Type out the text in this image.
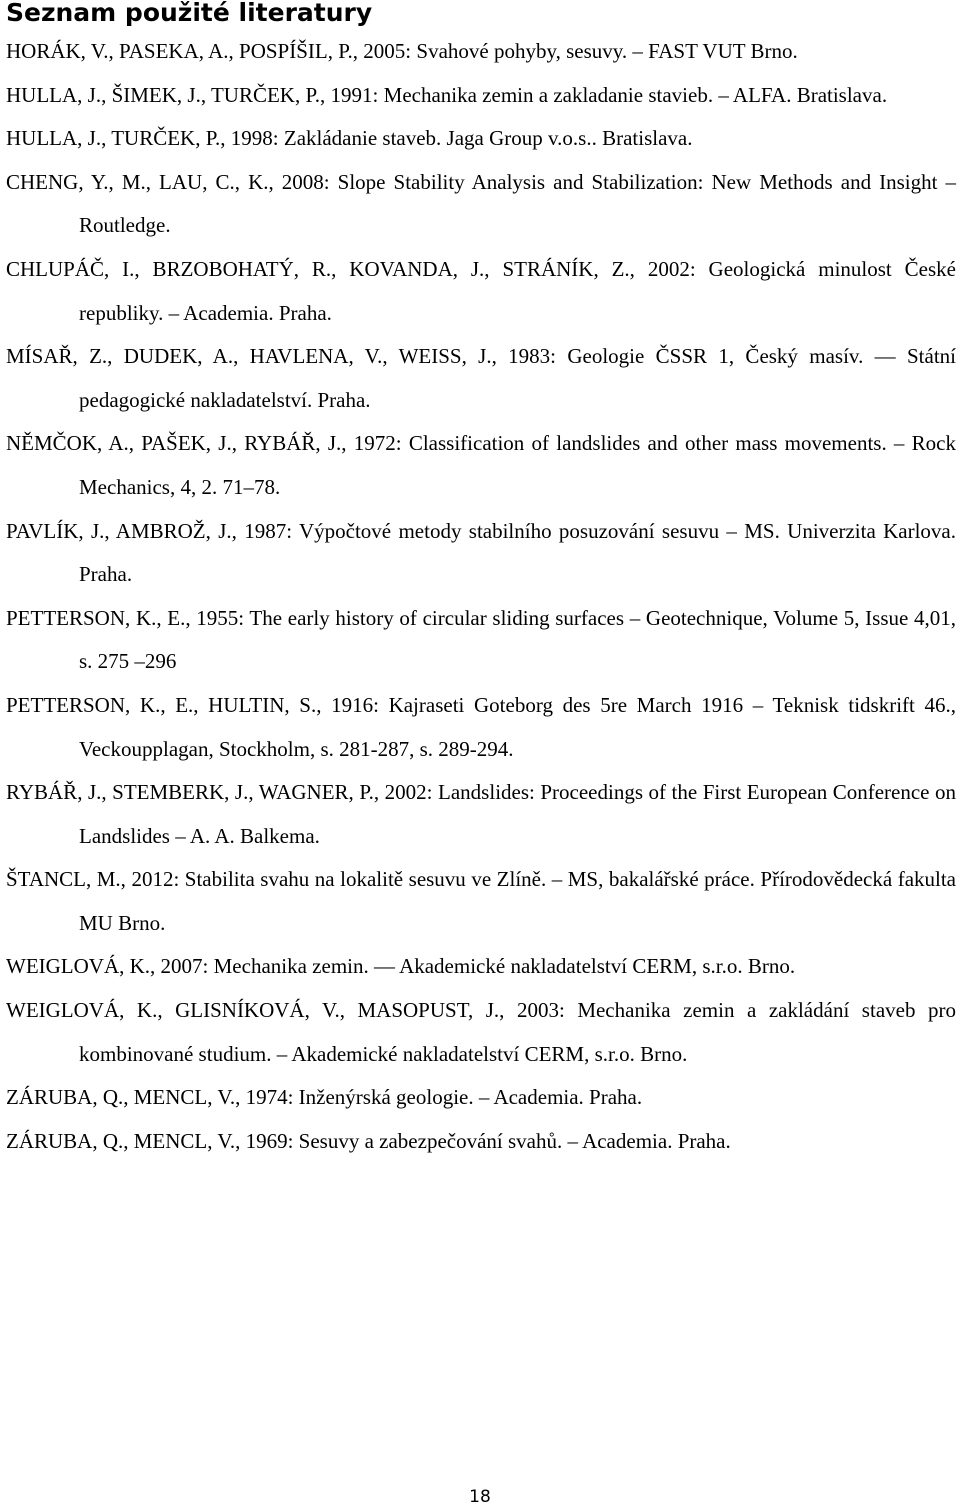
Seznam použité literatury
HORÁK, V., PASEKA, A., POSPÍŠIL, P., 2005: Svahové pohyby, sesuvy. – FAST VUT Brno.
HULLA, J., ŠIMEK, J., TURČEK, P., 1991: Mechanika zemin a zakladanie stavieb. – ALFA. Bratislava.
HULLA, J., TURČEK, P., 1998: Zakládanie staveb. Jaga Group v.o.s.. Bratislava.
CHENG, Y., M., LAU, C., K., 2008: Slope Stability Analysis and Stabilization: New Methods and Insight – Routledge.
CHLUPÁČ, I., BRZOBOHATÝ, R., KOVANDA, J., STRÁNÍK, Z., 2002: Geologická minulost České republiky. – Academia. Praha.
MÍSAŘ, Z., DUDEK, A., HAVLENA, V., WEISS, J., 1983: Geologie ČSSR 1, Český masív. –– Státní pedagogické nakladatelství. Praha.
NĚMČOK, A., PAŠEK, J., RYBÁŘ, J., 1972: Classification of landslides and other mass movements. – Rock Mechanics, 4, 2. 71–78.
PAVLÍK, J., AMBROŽ, J., 1987: Výpočtové metody stabilního posuzování sesuvu – MS. Univerzita Karlova. Praha.
PETTERSON, K., E., 1955: The early history of circular sliding surfaces – Geotechnique, Volume 5, Issue 4,01, s. 275 –296
PETTERSON, K., E., HULTIN, S., 1916: Kajraseti Goteborg des 5re March 1916 – Teknisk tidskrift 46., Veckoupplagan, Stockholm, s. 281-287, s. 289-294.
RYBÁŘ, J., STEMBERK, J., WAGNER, P., 2002: Landslides: Proceedings of the First European Conference on Landslides – A. A. Balkema.
ŠTANCL, M., 2012: Stabilita svahu na lokalitě sesuvu ve Zlíně. – MS, bakalářské práce. Přírodovědecká fakulta MU Brno.
WEIGLOVÁ, K., 2007: Mechanika zemin. –– Akademické nakladatelství CERM, s.r.o. Brno.
WEIGLOVÁ, K., GLISNÍKOVÁ, V., MASOPUST, J., 2003: Mechanika zemin a zakládání staveb pro kombinované studium. – Akademické nakladatelství CERM, s.r.o. Brno.
ZÁRUBA, Q., MENCL, V., 1974: Inženýrská geologie. – Academia. Praha.
ZÁRUBA, Q., MENCL, V., 1969: Sesuvy a zabezpečování svahů. – Academia. Praha.
18
